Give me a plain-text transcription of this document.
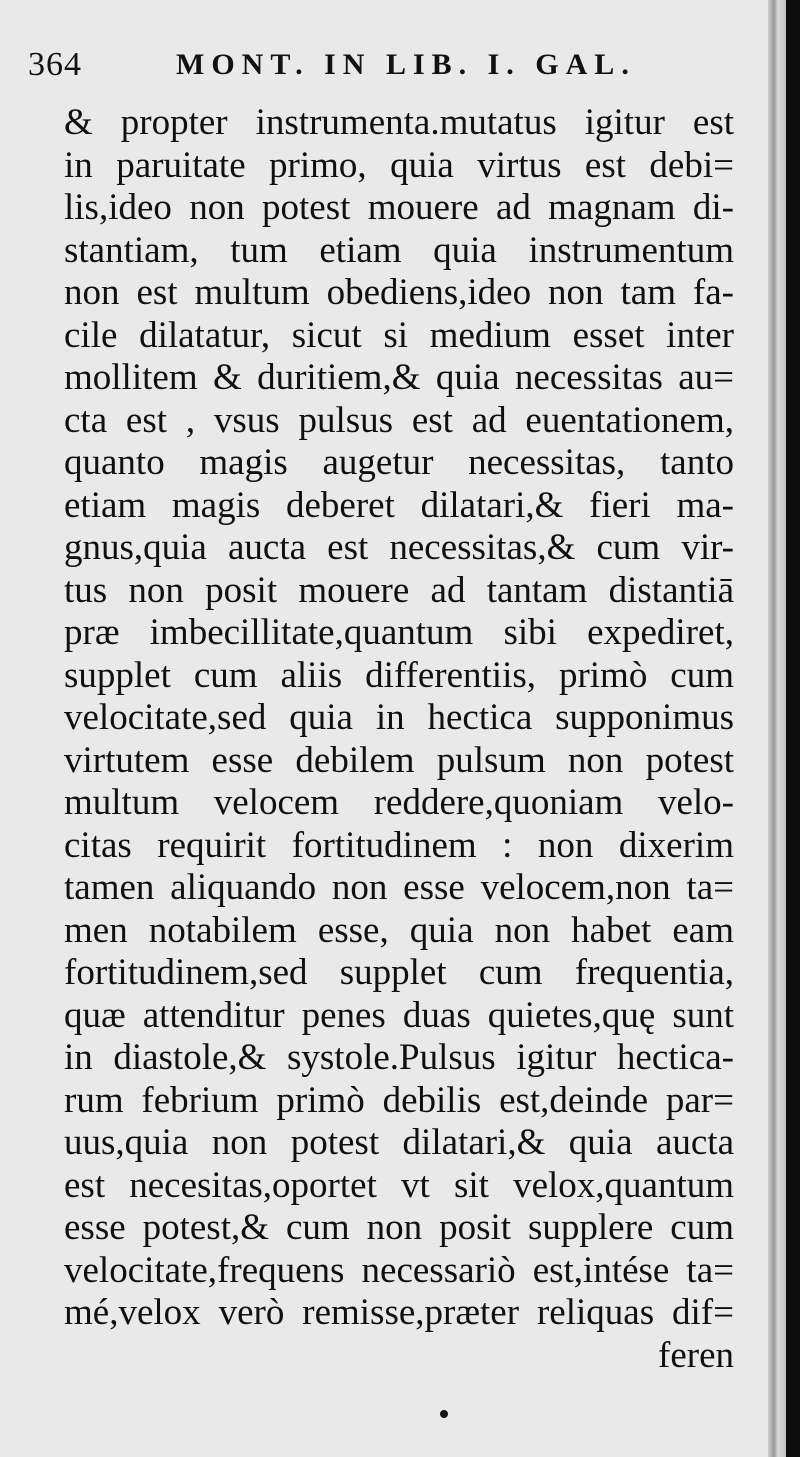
364	MONT. IN LIB. I. GAL.
& propter instrumenta.mutatus igitur est
in paruitate primo, quia virtus est debi=
lis,ideo non potest mouere ad magnam di-
stantiam, tum etiam quia instrumentum
non est multum obediens,ideo non tam fa-
cile dilatatur, sicut si medium esset inter
mollitem & duritiem,& quia necessitas au=
cta est , vsus pulsus est ad euentationem,
quanto magis augetur necessitas, tanto
etiam magis deberet dilatari,& fieri ma-
gnus,quia aucta est necessitas,& cum vir-
tus non posit mouere ad tantam distantiā
præ imbecillitate,quantum sibi expediret,
supplet cum aliis differentiis, primò cum
velocitate,sed quia in hectica supponimus
virtutem esse debilem pulsum non potest
multum velocem reddere,quoniam velo-
citas requirit fortitudinem : non dixerim
tamen aliquando non esse velocem,non ta=
men notabilem esse, quia non habet eam
fortitudinem,sed supplet cum frequentia,
quæ attenditur penes duas quietes,quę sunt
in diastole,& systole.Pulsus igitur hectica-
rum febrium primò debilis est,deinde par=
uus,quia non potest dilatari,& quia aucta
est necesitas,oportet vt sit velox,quantum
esse potest,& cum non posit supplere cum
velocitate,frequens necessariò est,intése ta=
mé,velox verò remisse,præter reliquas dif=
feren
